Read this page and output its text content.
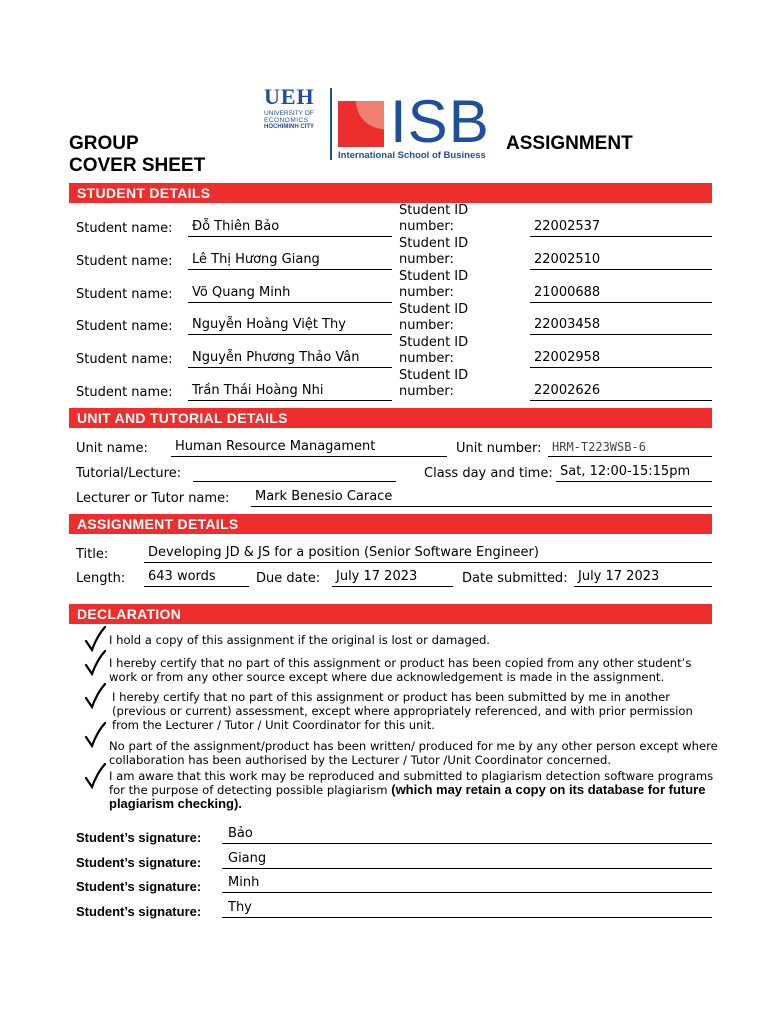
GROUP
COVER SHEET
ASSIGNMENT
UEH
UNIVERSITY OF
ECONOMICS
HOCHIMINH CITY ISB
International School of Business
STUDENT DETAILS
Student name:	Đỗ Thiên Bảo
Student ID
number:	22002537
Student name:	Lê Thị Hương Giang
Student ID
number:	22002510
Student name:	Võ Quang Minh
Student ID
number:	21000688
Student name:	Nguyễn Hoàng Việt Thy
Student ID
number:	22003458
Student name:	Nguyễn Phương Thảo Vân
Student ID
number:	22002958
Student name:	Trần Thái Hoàng Nhi
Student ID
number:	22002626
UNIT AND TUTORIAL DETAILS
Unit name:	Human Resource Managament	Unit number: HRM-T223WSB-6
Tutorial/Lecture:	Class day and time: Sat, 12:00-15:15pm
Lecturer or Tutor name:	Mark Benesio Carace
ASSIGNMENT DETAILS
Title:	Developing JD & JS for a position (Senior Software Engineer)
Length:	643 words	Due date:	July 17 2023	Date submitted: July 17 2023
DECLARATION
I hold a copy of this assignment if the original is lost or damaged.
I hereby certify that no part of this assignment or product has been copied from any other student’s work or from any other source except where due acknowledgement is made in the assignment.
I hereby certify that no part of this assignment or product has been submitted by me in another (previous or current) assessment, except where appropriately referenced, and with prior permission from the Lecturer / Tutor / Unit Coordinator for this unit.
No part of the assignment/product has been written/ produced for me by any other person except where collaboration has been authorised by the Lecturer / Tutor /Unit Coordinator concerned.
I am aware that this work may be reproduced and submitted to plagiarism detection software programs for the purpose of detecting possible plagiarism (which may retain a copy on its database for future plagiarism checking).
Student’s signature:	Bảo
Student’s signature:	Giang
Student’s signature:	Minh
Student’s signature:	Thy
